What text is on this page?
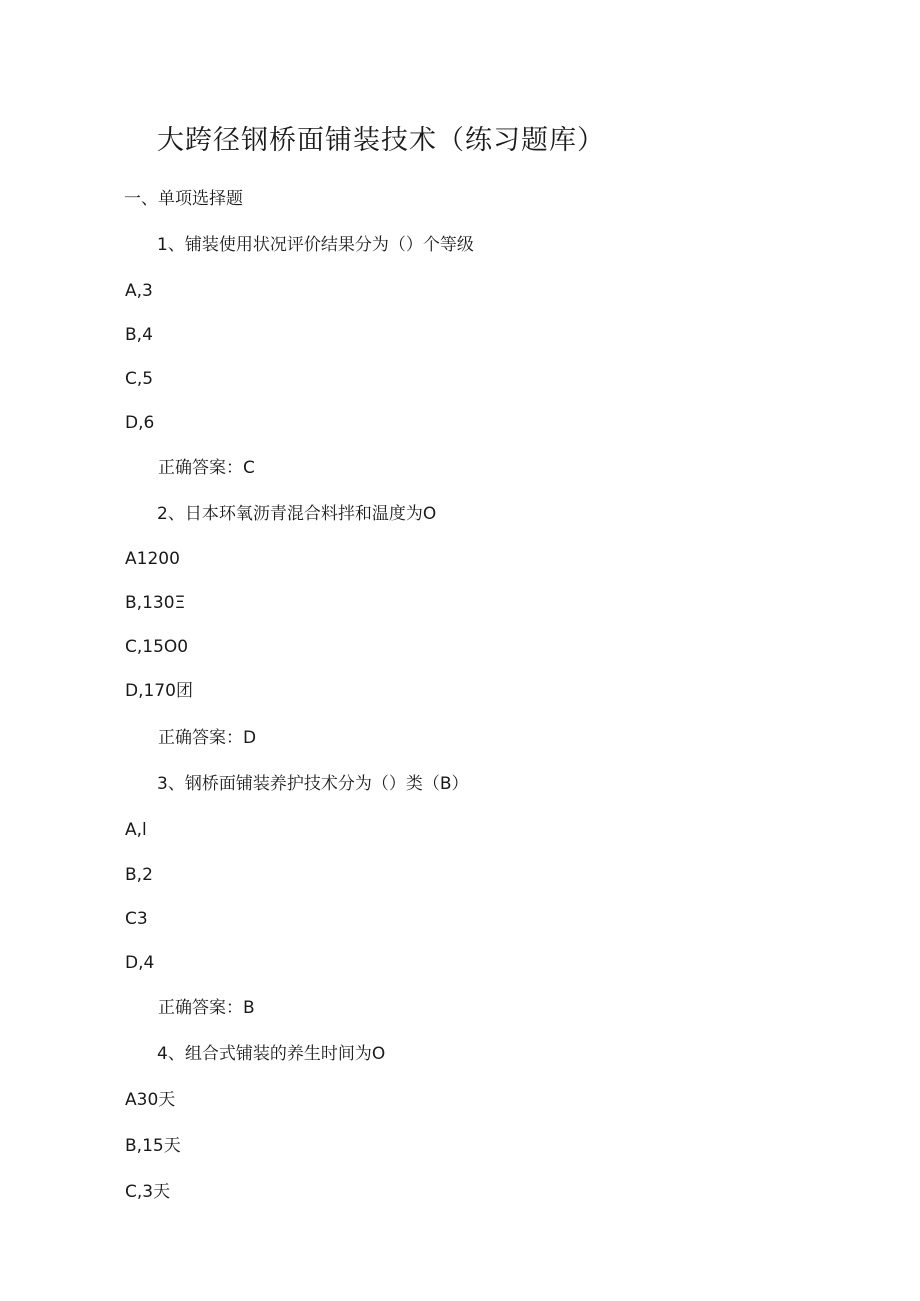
大跨径钢桥面铺装技术（练习题库）
一、单项选择题
1、铺装使用状况评价结果分为（）个等级
A,3
B,4
C,5
D,6
正确答案：C
2、日本环氧沥青混合料拌和温度为O
A1200
B,130Ξ
C,15O0
D,170团
正确答案：D
3、钢桥面铺装养护技术分为（）类（B）
A,l
B,2
C3
D,4
正确答案：B
4、组合式铺装的养生时间为O
A30天
B,15天
C,3天
